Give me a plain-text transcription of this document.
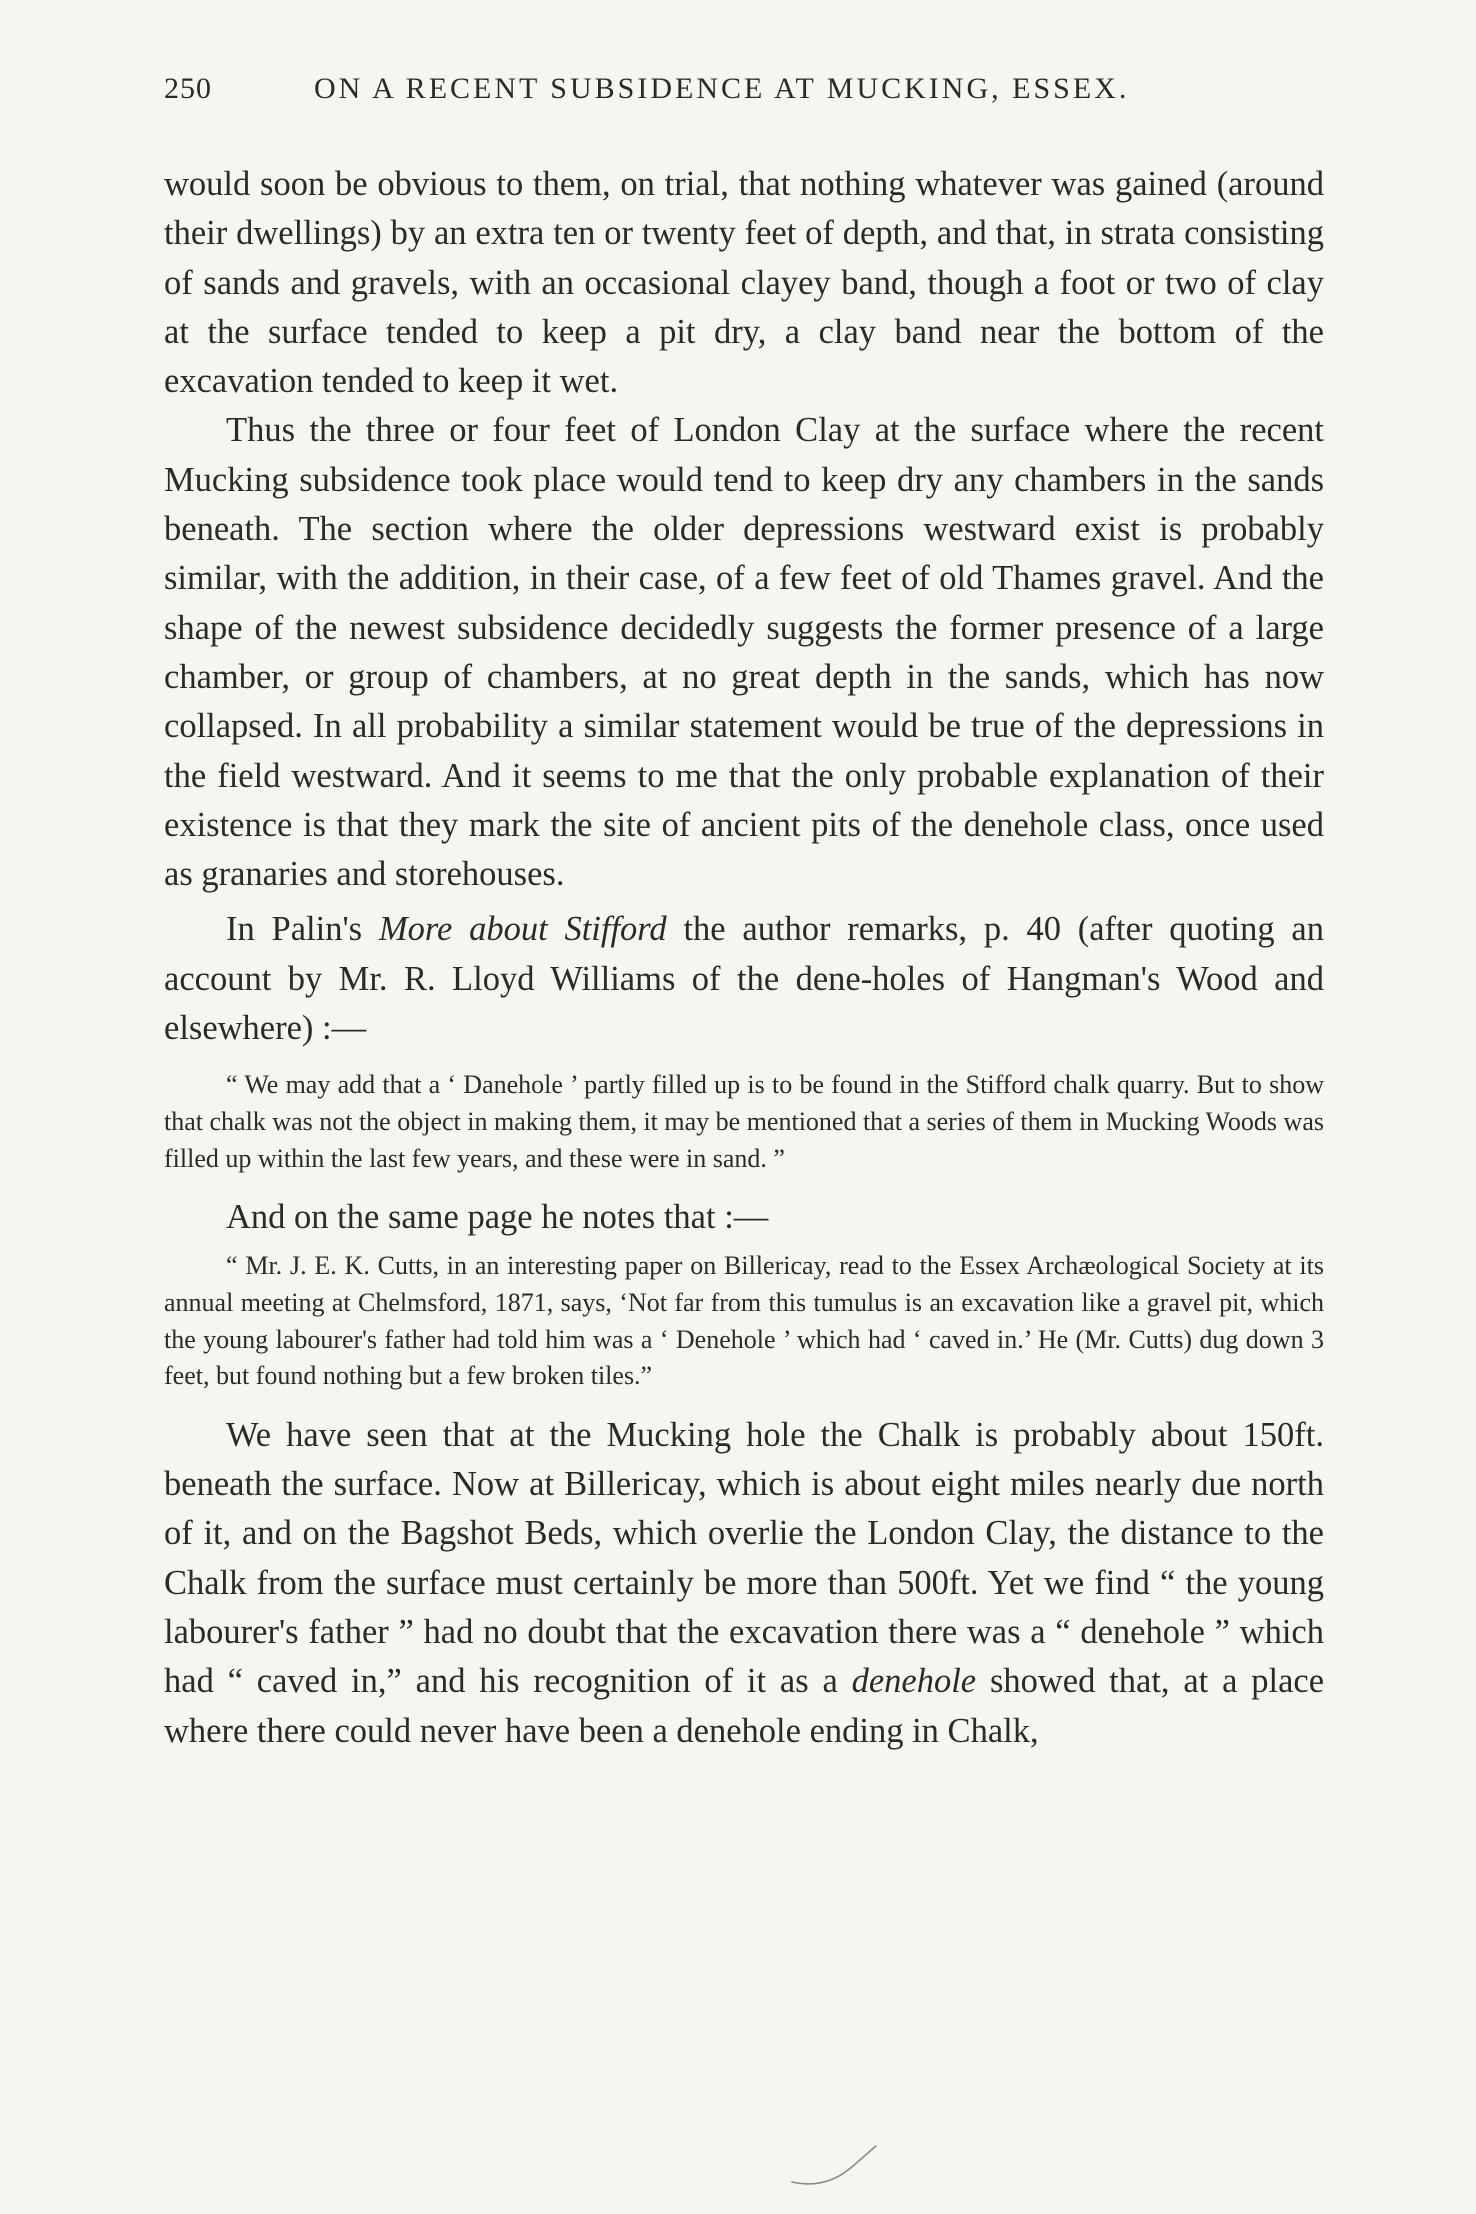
250	ON A RECENT SUBSIDENCE AT MUCKING, ESSEX.

would soon be obvious to them, on trial, that nothing whatever was gained (around their dwellings) by an extra ten or twenty feet of depth, and that, in strata consisting of sands and gravels, with an occasional clayey band, though a foot or two of clay at the surface tended to keep a pit dry, a clay band near the bottom of the excavation tended to keep it wet.

Thus the three or four feet of London Clay at the surface where the recent Mucking subsidence took place would tend to keep dry any chambers in the sands beneath. The section where the older depressions westward exist is probably similar, with the addition, in their case, of a few feet of old Thames gravel. And the shape of the newest subsidence decidedly suggests the former presence of a large chamber, or group of chambers, at no great depth in the sands, which has now collapsed. In all probability a similar statement would be true of the depressions in the field westward. And it seems to me that the only probable explanation of their existence is that they mark the site of ancient pits of the denehole class, once used as granaries and storehouses.

In Palin's More about Stifford the author remarks, p. 40 (after quoting an account by Mr. R. Lloyd Williams of the dene-holes of Hangman's Wood and elsewhere) :—

“ We may add that a ‘ Danehole ’ partly filled up is to be found in the Stifford chalk quarry. But to show that chalk was not the object in making them, it may be mentioned that a series of them in Mucking Woods was filled up within the last few years, and these were in sand. ”

And on the same page he notes that :—

“ Mr. J. E. K. Cutts, in an interesting paper on Billericay, read to the Essex Archæological Society at its annual meeting at Chelmsford, 1871, says, ‘Not far from this tumulus is an excavation like a gravel pit, which the young labourer's father had told him was a ‘ Denehole ’ which had ‘ caved in.’ He (Mr. Cutts) dug down 3 feet, but found nothing but a few broken tiles.”

We have seen that at the Mucking hole the Chalk is probably about 150ft. beneath the surface. Now at Billericay, which is about eight miles nearly due north of it, and on the Bagshot Beds, which overlie the London Clay, the distance to the Chalk from the surface must certainly be more than 500ft. Yet we find “ the young labourer's father ” had no doubt that the excavation there was a “ denehole ” which had “ caved in,” and his recognition of it as a denehole showed that, at a place where there could never have been a denehole ending in Chalk,
